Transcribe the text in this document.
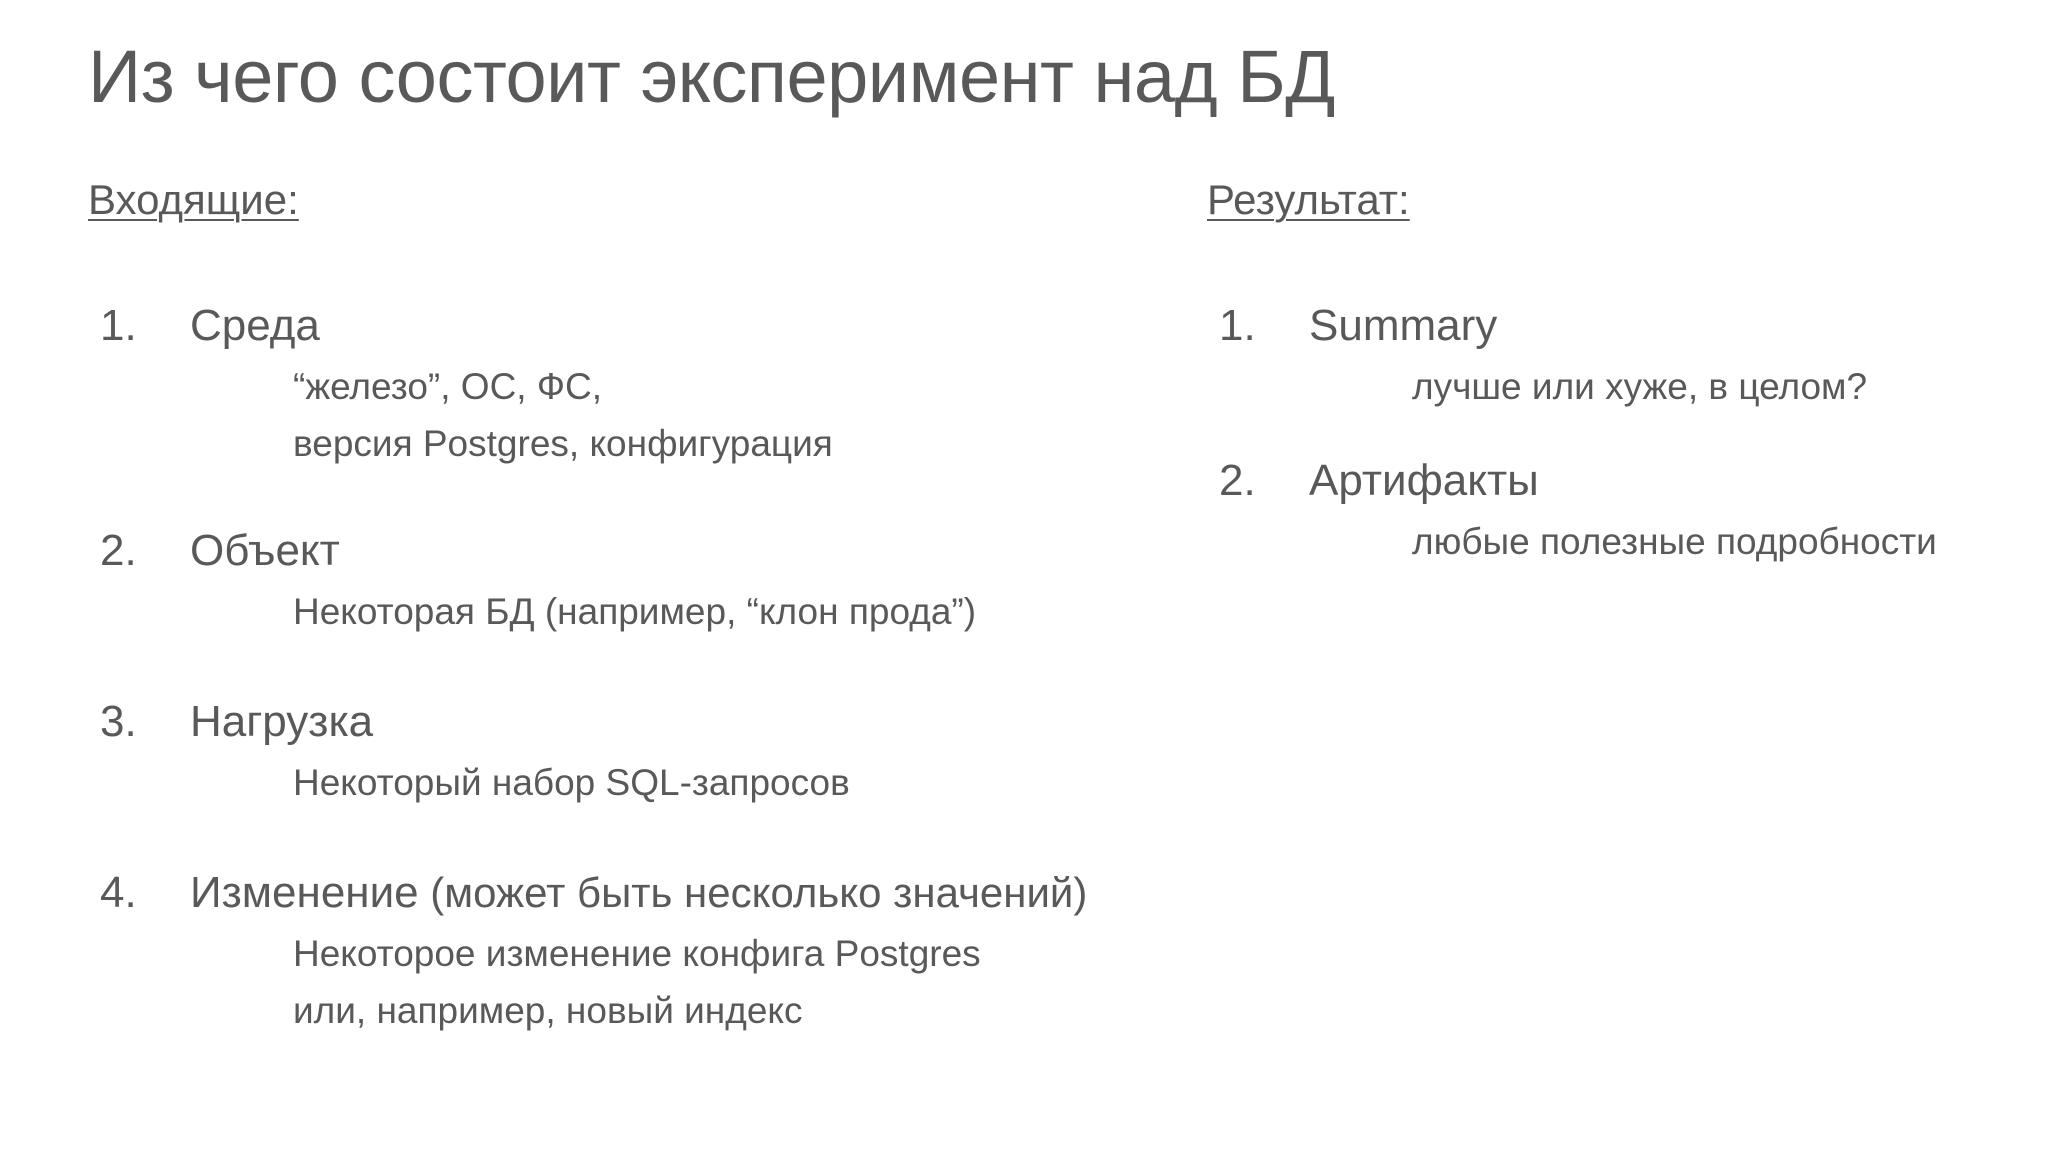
Из чего состоит эксперимент над БД
Входящие:
1. Среда
“железо”, ОС, ФС,
версия Postgres, конфигурация
2. Объект
Некоторая БД (например, “клон прода”)
3. Нагрузка
Некоторый набор SQL-запросов
4. Изменение (может быть несколько значений)
Некоторое изменение конфига Postgres
или, например, новый индекс
Результат:
1. Summary
лучше или хуже, в целом?
2. Артифакты
любые полезные подробности
